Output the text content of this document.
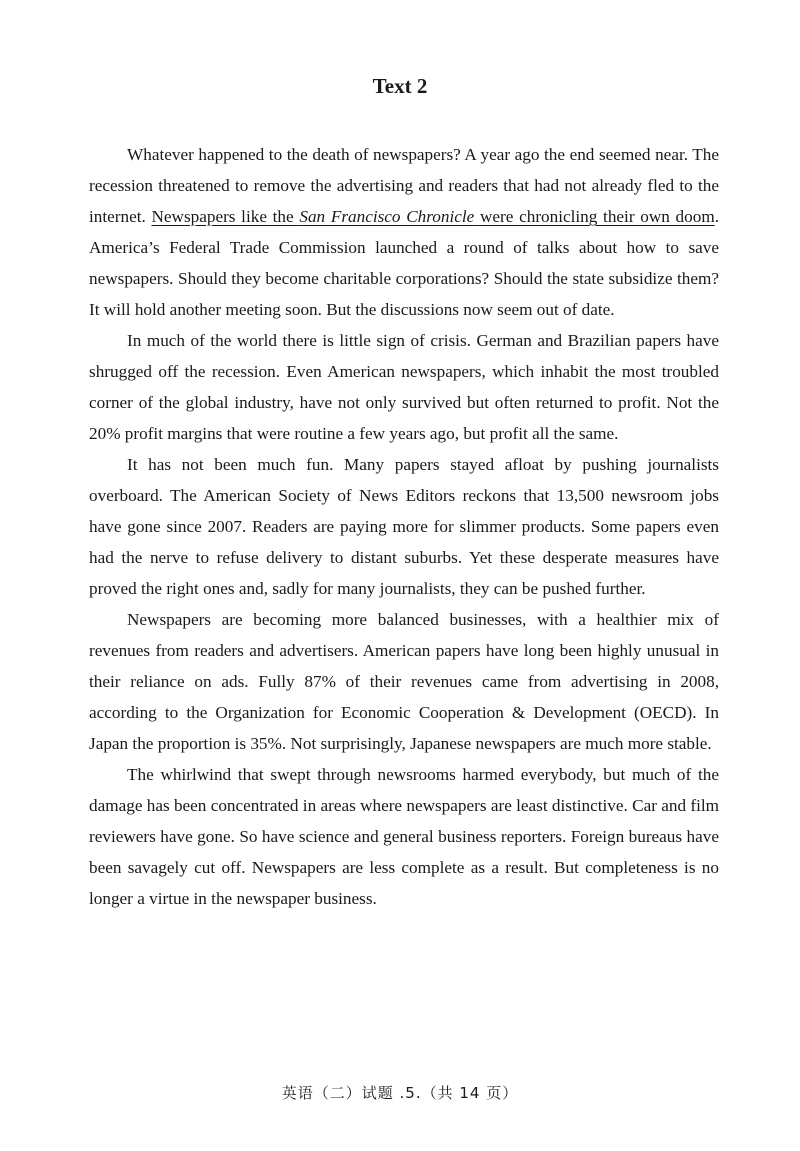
Text 2

Whatever happened to the death of newspapers? A year ago the end seemed near. The recession threatened to remove the advertising and readers that had not already fled to the internet. Newspapers like the San Francisco Chronicle were chronicling their own doom. America’s Federal Trade Commission launched a round of talks about how to save newspapers. Should they become charitable corporations? Should the state subsidize them? It will hold another meeting soon. But the discussions now seem out of date.

In much of the world there is little sign of crisis. German and Brazilian papers have shrugged off the recession. Even American newspapers, which inhabit the most troubled corner of the global industry, have not only survived but often returned to profit. Not the 20% profit margins that were routine a few years ago, but profit all the same.

It has not been much fun. Many papers stayed afloat by pushing journalists overboard. The American Society of News Editors reckons that 13,500 newsroom jobs have gone since 2007. Readers are paying more for slimmer products. Some papers even had the nerve to refuse delivery to distant suburbs. Yet these desperate measures have proved the right ones and, sadly for many journalists, they can be pushed further.

Newspapers are becoming more balanced businesses, with a healthier mix of revenues from readers and advertisers. American papers have long been highly unusual in their reliance on ads. Fully 87% of their revenues came from advertising in 2008, according to the Organization for Economic Cooperation & Development (OECD). In Japan the proportion is 35%. Not surprisingly, Japanese newspapers are much more stable.

The whirlwind that swept through newsrooms harmed everybody, but much of the damage has been concentrated in areas where newspapers are least distinctive. Car and film reviewers have gone. So have science and general business reporters. Foreign bureaus have been savagely cut off. Newspapers are less complete as a result. But completeness is no longer a virtue in the newspaper business.

英语（二）试题 .5.（共 14 页）
